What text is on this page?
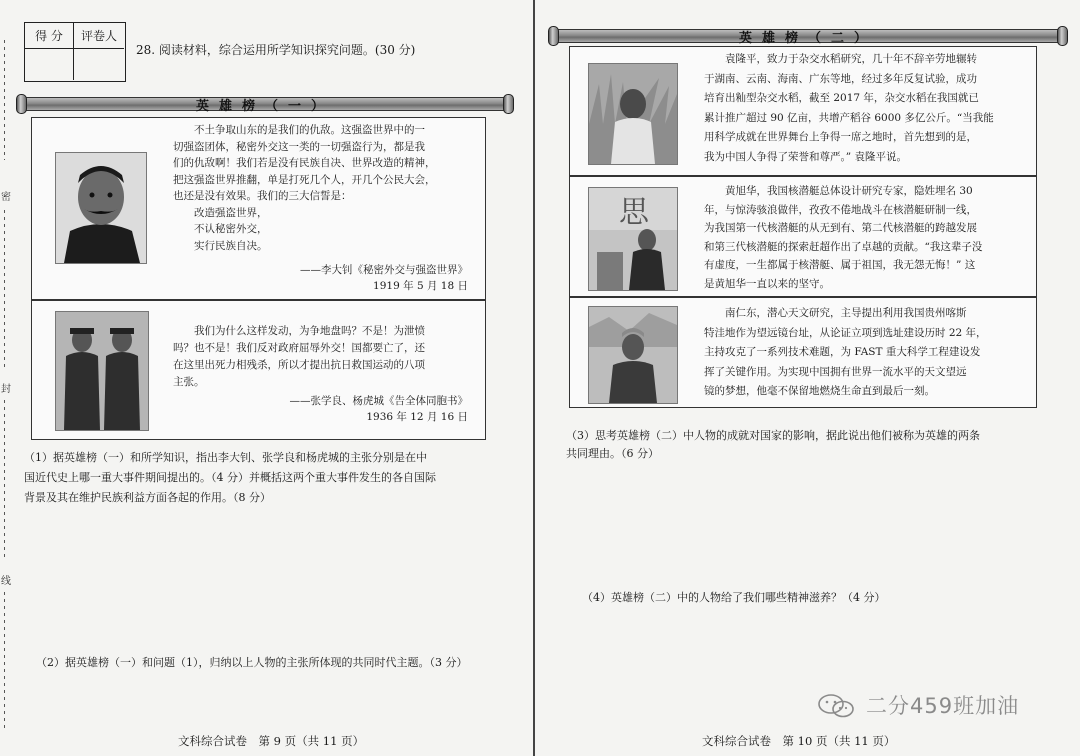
密
封
线
得 分	评卷人
28. 阅读材料，综合运用所学知识探究问题。(30 分)
英雄榜（一）

不土争取山东的是我们的仇敌。这强盗世界中的一

切强盗团体，秘密外交这一类的一切强盗行为，都是我

们的仇敌啊！我们若是没有民族自决、世界改造的精神，

把这强盗世界推翻，单是打死几个人，开几个公民大会，

也还是没有效果。我们的三大信誓是：

改造强盗世界，

不认秘密外交，

实行民族自决。

——李大钊《秘密外交与强盗世界》
1919 年 5 月 18 日

我们为什么这样发动，为争地盘吗？不是！为泄愤

吗？也不是！我们反对政府屈辱外交！国都要亡了，还

在这里出死力相残杀，所以才提出抗日救国运动的八项

主张。

——张学良、杨虎城《告全体同胞书》
1936 年 12 月 16 日
（1）据英雄榜（一）和所学知识，指出李大钊、张学良和杨虎城的主张分别是在中
国近代史上哪一重大事件期间提出的。（4 分）并概括这两个重大事件发生的各自国际
背景及其在维护民族利益方面各起的作用。（8 分）
（2）据英雄榜（一）和问题（1），归纳以上人物的主张所体现的共同时代主题。（3 分）
文科综合试卷　第 9 页（共 11 页）
英雄榜（二）

袁隆平，致力于杂交水稻研究，几十年不辞辛劳地辗转

于湖南、云南、海南、广东等地，经过多年反复试验，成功

培育出籼型杂交水稻，截至 2017 年，杂交水稻在我国就已

累计推广超过 90 亿亩，共增产稻谷 6000 多亿公斤。“当我能

用科学成就在世界舞台上争得一席之地时，首先想到的是，

我为中国人争得了荣誉和尊严。” 袁隆平说。

思

黄旭华，我国核潜艇总体设计研究专家，隐姓埋名 30

年，与惊涛骇浪做伴，孜孜不倦地战斗在核潜艇研制一线，

为我国第一代核潜艇的从无到有、第二代核潜艇的跨越发展

和第三代核潜艇的探索赶超作出了卓越的贡献。“我这辈子没

有虚度，一生都属于核潜艇、属于祖国，我无怨无悔！” 这

是黄旭华一直以来的坚守。

南仁东，潜心天文研究，主导提出利用我国贵州喀斯

特洼地作为望远镜台址，从论证立项到选址建设历时 22 年，

主持攻克了一系列技术难题，为 FAST 重大科学工程建设发

挥了关键作用。为实现中国拥有世界一流水平的天文望远

镜的梦想，他毫不保留地燃烧生命直到最后一刻。

（3）思考英雄榜（二）中人物的成就对国家的影响，据此说出他们被称为英雄的两条
共同理由。（6 分）
（4）英雄榜（二）中的人物给了我们哪些精神滋养？（4 分）
二分459班加油
文科综合试卷　第 10 页（共 11 页）
